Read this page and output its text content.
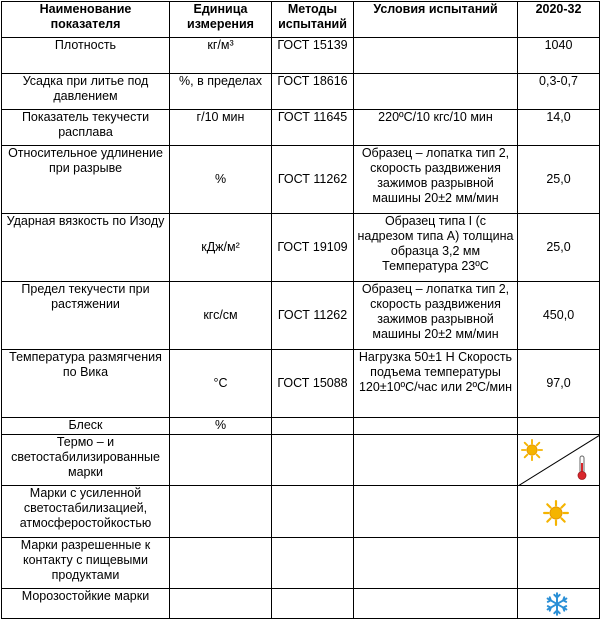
Наименование показателя	Единица измерения	Методы испытаний	Условия испытаний	2020-32
Плотность	кг/м³	ГОСТ 15139		1040
Усадка при литье под давлением	%, в пределах	ГОСТ 18616		0,3-0,7
Показатель текучести расплава	г/10 мин	ГОСТ 11645	220ºС/10 кгс/10 мин	14,0
Относительное удлинение при разрыве	%	ГОСТ 11262	Образец – лопатка тип 2, скорость раздвижения зажимов разрывной машины 20±2 мм/мин	25,0
Ударная вязкость по Изоду	кДж/м²	ГОСТ 19109	Образец типа I (с надрезом типа А) толщина образца 3,2 мм Температура 23ºС	25,0
Предел текучести при растяжении	кгс/см	ГОСТ 11262	Образец – лопатка тип 2, скорость раздвижения зажимов разрывной машины 20±2 мм/мин	450,0
Температура размягчения по Вика	°С	ГОСТ 15088	Нагрузка 50±1 Н Скорость подъема температуры 120±10ºС/час или 2ºС/мин	97,0
Блеск	%			
Термо – и светостабилизированные марки				

Марки с усиленной светостабилизацией, атмосферостойкостью				

Марки разрешенные к контакту с пищевыми продуктами				
Морозостойкие марки				
